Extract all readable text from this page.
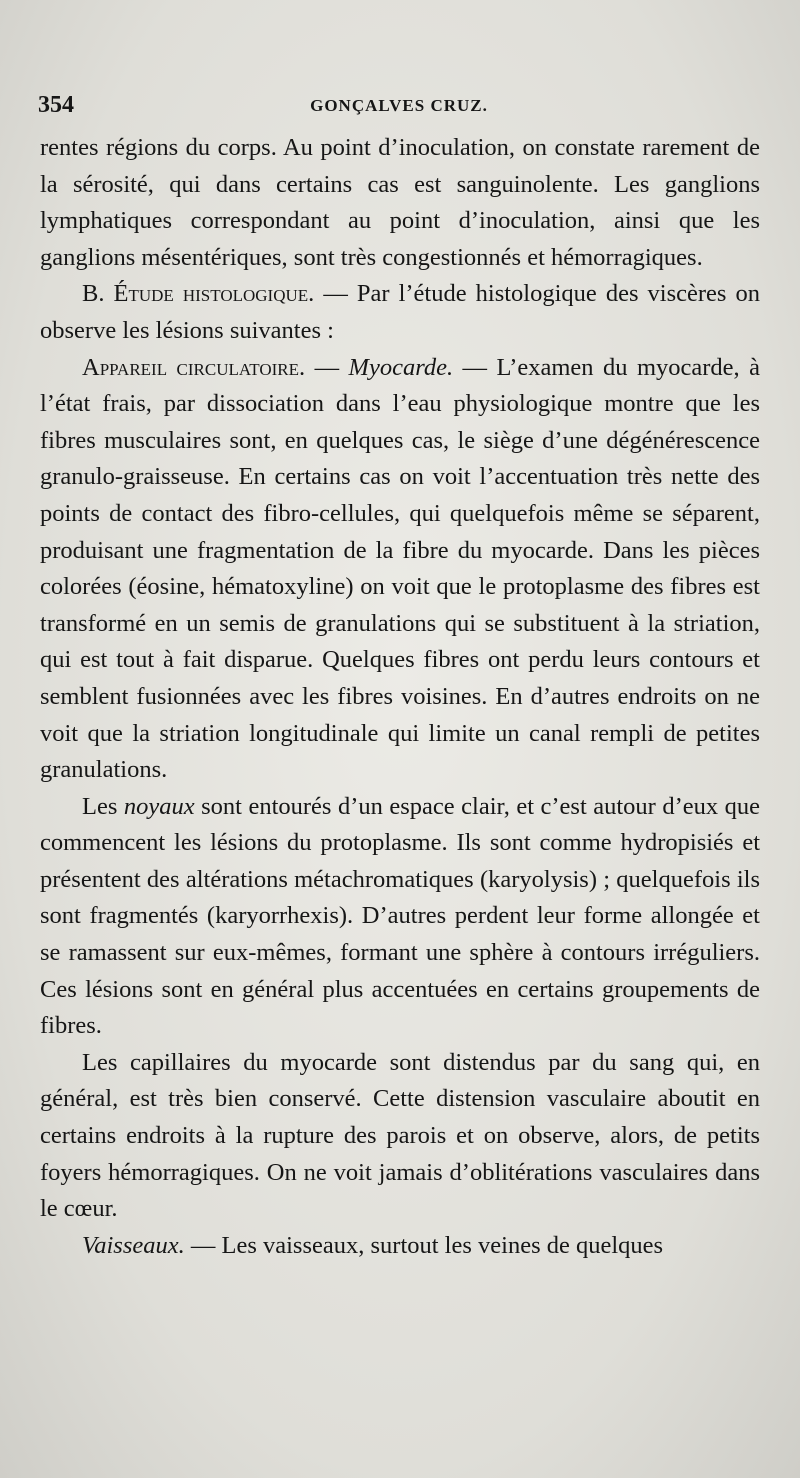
354	GONÇALVES CRUZ.

rentes régions du corps. Au point d’inoculation, on constate rarement de la sérosité, qui dans certains cas est sanguinolente. Les ganglions lymphatiques correspondant au point d’inoculation, ainsi que les ganglions mésentériques, sont très congestionnés et hémorragiques.

B. Étude histologique. — Par l’étude histologique des viscères on observe les lésions suivantes :

Appareil circulatoire. — Myocarde. — L’examen du myocarde, à l’état frais, par dissociation dans l’eau physiologique montre que les fibres musculaires sont, en quelques cas, le siège d’une dégénérescence granulo-graisseuse. En certains cas on voit l’accentuation très nette des points de contact des fibro-cellules, qui quelquefois même se séparent, produisant une fragmentation de la fibre du myocarde. Dans les pièces colorées (éosine, hématoxyline) on voit que le protoplasme des fibres est transformé en un semis de granulations qui se substituent à la striation, qui est tout à fait disparue. Quelques fibres ont perdu leurs contours et semblent fusionnées avec les fibres voisines. En d’autres endroits on ne voit que la striation longitudinale qui limite un canal rempli de petites granulations.

Les noyaux sont entourés d’un espace clair, et c’est autour d’eux que commencent les lésions du protoplasme. Ils sont comme hydropisiés et présentent des altérations métachromatiques (karyolysis) ; quelquefois ils sont fragmentés (karyorrhexis). D’autres perdent leur forme allongée et se ramassent sur eux-mêmes, formant une sphère à contours irréguliers. Ces lésions sont en général plus accentuées en certains groupements de fibres.

Les capillaires du myocarde sont distendus par du sang qui, en général, est très bien conservé. Cette distension vasculaire aboutit en certains endroits à la rupture des parois et on observe, alors, de petits foyers hémorragiques. On ne voit jamais d’oblitérations vasculaires dans le cœur.

Vaisseaux. — Les vaisseaux, surtout les veines de quelques
